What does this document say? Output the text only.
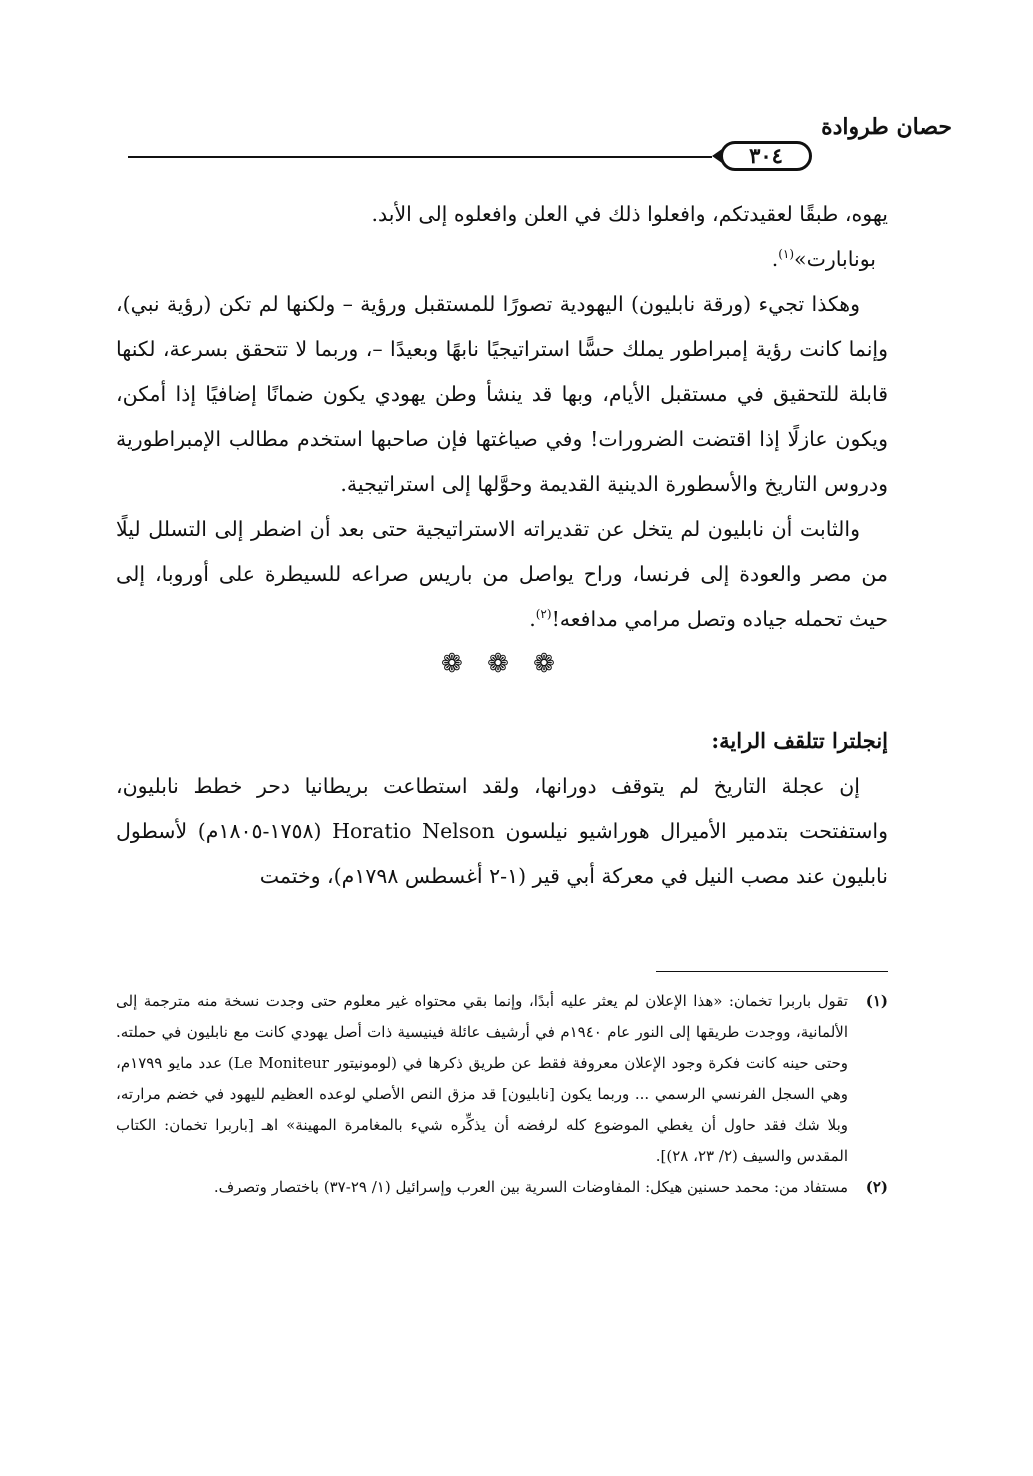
حصان طروادة
٣٠٤

يهوه، طبقًا لعقيدتكم، وافعلوا ذلك في العلن وافعلوه إلى الأبد.

بونابارت»$^{(١)}$.

وهكذا تجيء (ورقة نابليون) اليهودية تصورًا للمستقبل ورؤية – ولكنها لم تكن (رؤية نبي)، وإنما كانت رؤية إمبراطور يملك حسًّا استراتيجيًا نابهًا وبعيدًا –، وربما لا تتحقق بسرعة، لكنها قابلة للتحقيق في مستقبل الأيام، وبها قد ينشأ وطن يهودي يكون ضمانًا إضافيًا إذا أمكن، ويكون عازلًا إذا اقتضت الضرورات! وفي صياغتها فإن صاحبها استخدم مطالب الإمبراطورية ودروس التاريخ والأسطورة الدينية القديمة وحوَّلها إلى استراتيجية.

والثابت أن نابليون لم يتخل عن تقديراته الاستراتيجية حتى بعد أن اضطر إلى التسلل ليلًا من مصر والعودة إلى فرنسا، وراح يواصل من باريس صراعه للسيطرة على أوروبا، إلى حيث تحمله جياده وتصل مرامي مدافعه!$^{(٢)}$.

❁ ❁ ❁
إنجلترا تتلقف الراية:

إن عجلة التاريخ لم يتوقف دورانها، ولقد استطاعت بريطانيا دحر خطط نابليون، واستفتحت بتدمير الأميرال هوراشيو نيلسون Horatio Nelson (١٧٥٨-١٨٠٥م) لأسطول نابليون عند مصب النيل في معركة أبي قير (١-٢ أغسطس ١٧٩٨م)، وختمت

(١)
تقول باربرا تخمان: «هذا الإعلان لم يعثر عليه أبدًا، وإنما بقي محتواه غير معلوم حتى وجدت نسخة منه مترجمة إلى الألمانية، ووجدت طريقها إلى النور عام ١٩٤٠م في أرشيف عائلة فينيسية ذات أصل يهودي كانت مع نابليون في حملته. وحتى حينه كانت فكرة وجود الإعلان معروفة فقط عن طريق ذكرها في (لومونيتور Le Moniteur) عدد مايو ١٧٩٩م، وهي السجل الفرنسي الرسمي ... وربما يكون [نابليون] قد مزق النص الأصلي لوعده العظيم لليهود في خضم مرارته، وبلا شك فقد حاول أن يغطي الموضوع كله لرفضه أن يذكِّره شيء بالمغامرة المهينة» اهـ [باربرا تخمان: الكتاب المقدس والسيف (٢/ ٢٣، ٢٨)].
(٢)
مستفاد من: محمد حسنين هيكل: المفاوضات السرية بين العرب وإسرائيل (١/ ٢٩-٣٧) باختصار وتصرف.
